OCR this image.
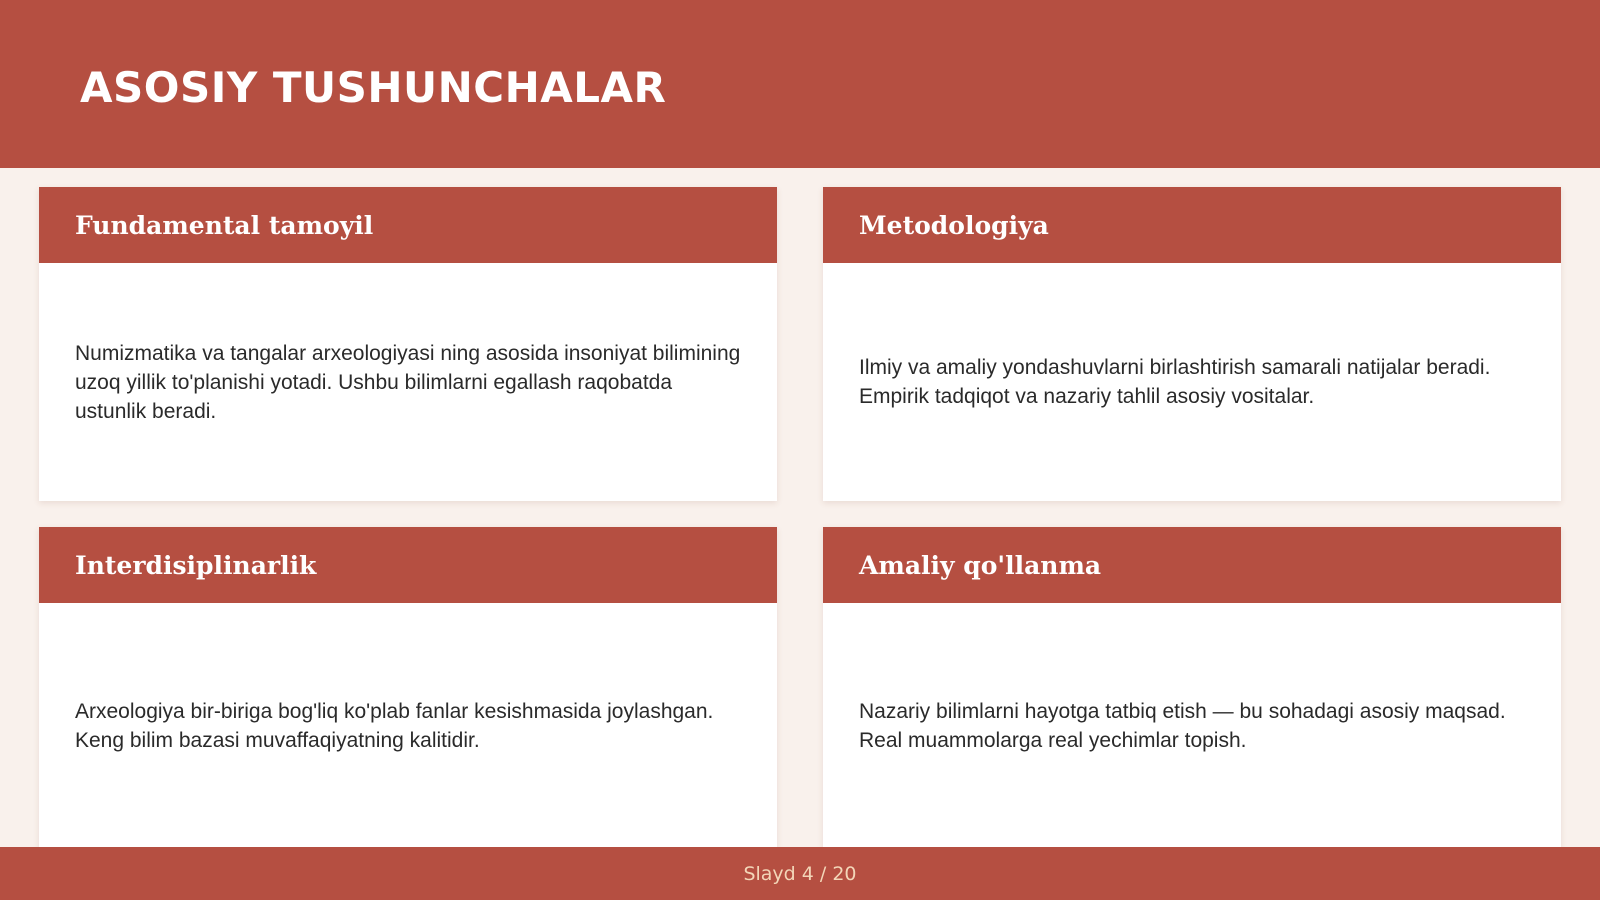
ASOSIY TUSHUNCHALAR
Fundamental tamoyil

Numizmatika va tangalar arxeologiyasi ning asosida insoniyat bilimining uzoq yillik to'planishi yotadi. Ushbu bilimlarni egallash raqobatda ustunlik beradi.

Metodologiya

Ilmiy va amaliy yondashuvlarni birlashtirish samarali natijalar beradi. Empirik tadqiqot va nazariy tahlil asosiy vositalar.

Interdisiplinarlik

Arxeologiya bir-biriga bog'liq ko'plab fanlar kesishmasida joylashgan. Keng bilim bazasi muvaffaqiyatning kalitidir.

Amaliy qo'llanma

Nazariy bilimlarni hayotga tatbiq etish — bu sohadagi asosiy maqsad. Real muammolarga real yechimlar topish.

Slayd 4 / 20
